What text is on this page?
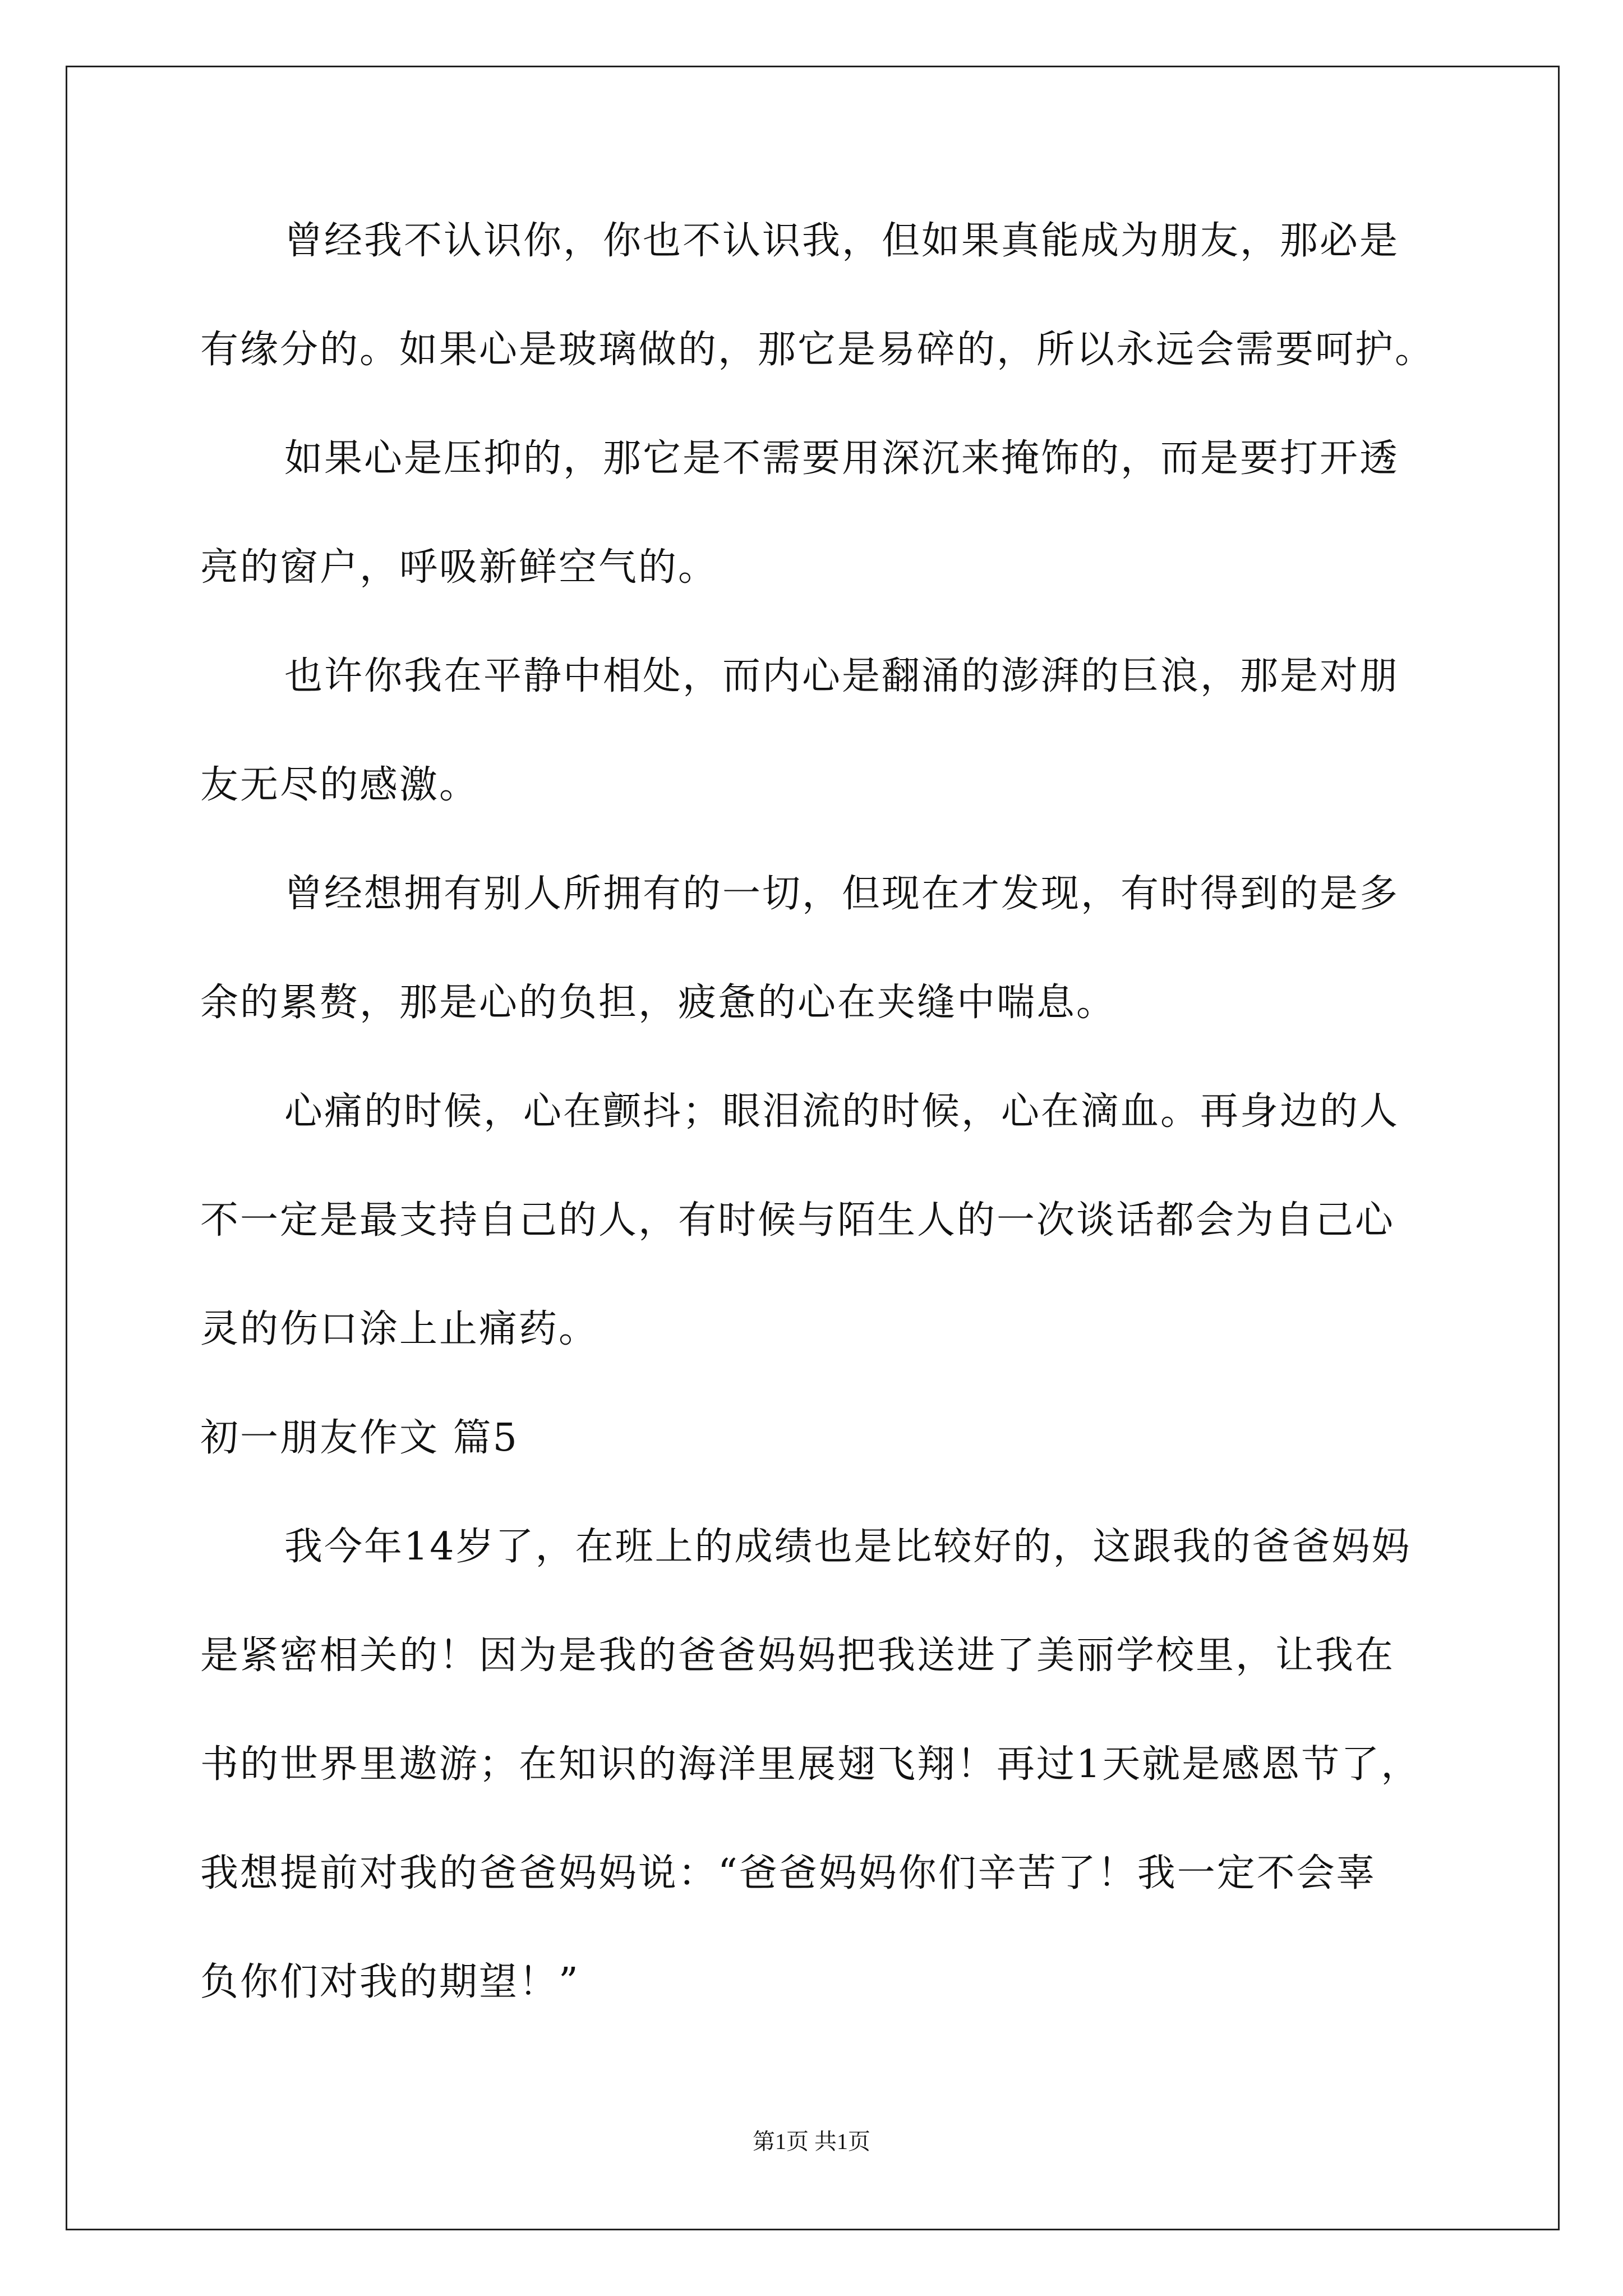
曾经我不认识你，你也不认识我，但如果真能成为朋友，那必是
有缘分的。如果心是玻璃做的，那它是易碎的，所以永远会需要呵护。
如果心是压抑的，那它是不需要用深沉来掩饰的，而是要打开透
亮的窗户，呼吸新鲜空气的。
也许你我在平静中相处，而内心是翻涌的澎湃的巨浪，那是对朋
友无尽的感激。
曾经想拥有别人所拥有的一切，但现在才发现，有时得到的是多
余的累赘，那是心的负担，疲惫的心在夹缝中喘息。
心痛的时候，心在颤抖；眼泪流的时候，心在滴血。再身边的人
不一定是最支持自己的人，有时候与陌生人的一次谈话都会为自己心
灵的伤口涂上止痛药。
初一朋友作文 篇5
我今年14岁了，在班上的成绩也是比较好的，这跟我的爸爸妈妈
是紧密相关的！因为是我的爸爸妈妈把我送进了美丽学校里，让我在
书的世界里遨游；在知识的海洋里展翅飞翔！再过1天就是感恩节了，
我想提前对我的爸爸妈妈说：“爸爸妈妈你们辛苦了！我一定不会辜
负你们对我的期望！”
第1页 共1页
